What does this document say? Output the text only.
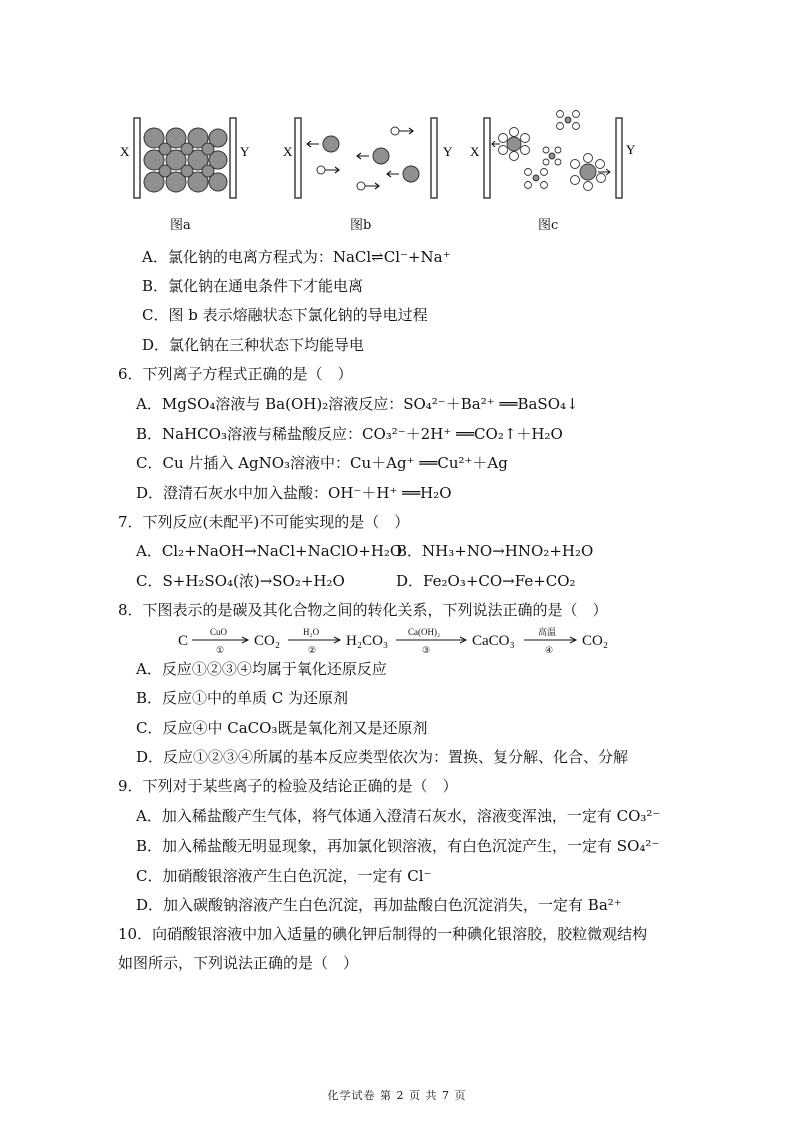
X	Y
图a
X	Y
图b
X	Y
图c
A．氯化钠的电离方程式为：NaCl⇌Cl⁻+Na⁺
B．氯化钠在通电条件下才能电离
C．图 b 表示熔融状态下氯化钠的导电过程
D．氯化钠在三种状态下均能导电
6．下列离子方程式正确的是（　）
A．MgSO₄溶液与 Ba(OH)₂溶液反应：SO₄²⁻＋Ba²⁺ ══BaSO₄↓
B．NaHCO₃溶液与稀盐酸反应：CO₃²⁻＋2H⁺ ══CO₂↑＋H₂O
C．Cu 片插入 AgNO₃溶液中：Cu＋Ag⁺ ══Cu²⁺＋Ag
D．澄清石灰水中加入盐酸：OH⁻＋H⁺ ══H₂O
7．下列反应(未配平)不可能实现的是（　）
A．Cl₂+NaOH→NaCl+NaClO+H₂O
B．NH₃+NO→HNO₂+H₂O
C．S+H₂SO₄(浓)→SO₂+H₂O	D．Fe₂O₃+CO→Fe+CO₂
8．下图表示的是碳及其化合物之间的转化关系，下列说法正确的是（　）
C
CuO
①
CO₂
H₂O
②
H₂CO₃
Ca(OH)₂
③
CaCO₃
高温
④
CO₂
A．反应①②③④均属于氧化还原反应
B．反应①中的单质 C 为还原剂
C．反应④中 CaCO₃既是氧化剂又是还原剂
D．反应①②③④所属的基本反应类型依次为：置换、复分解、化合、分解
9．下列对于某些离子的检验及结论正确的是（　）
A．加入稀盐酸产生气体，将气体通入澄清石灰水，溶液变浑浊，一定有 CO₃²⁻
B．加入稀盐酸无明显现象，再加氯化钡溶液，有白色沉淀产生，一定有 SO₄²⁻
C．加硝酸银溶液产生白色沉淀，一定有 Cl⁻
D．加入碳酸钠溶液产生白色沉淀，再加盐酸白色沉淀消失，一定有 Ba²⁺
10．向硝酸银溶液中加入适量的碘化钾后制得的一种碘化银溶胶，胶粒微观结构
如图所示，下列说法正确的是（　）
化学试卷 第 2 页 共 7 页
